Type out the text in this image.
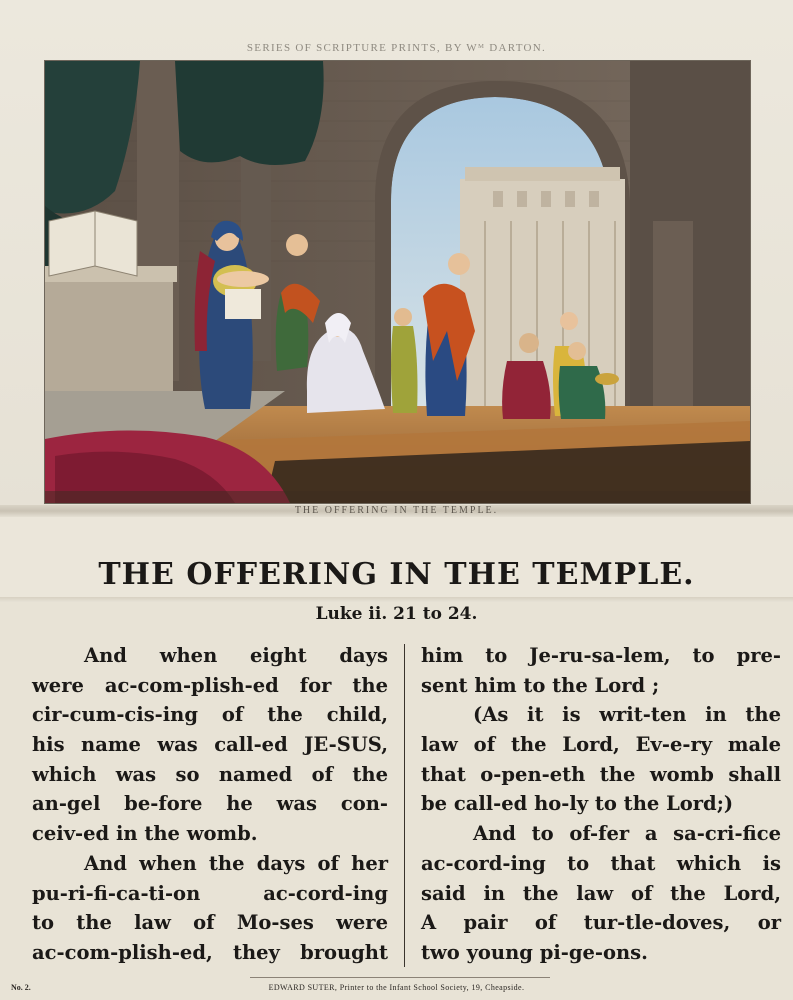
SERIES OF SCRIPTURE PRINTS, BY Wᴹ DARTON.
THE OFFERING IN THE TEMPLE.
Luke ii. 21 to 24.
And when eight days
were ac-com-plish-ed for the
cir-cum-cis-ing of the child,
his name was call-ed JE-SUS,
which was so named of the
an-gel be-fore he was con-
ceiv-ed in the womb.
And when the days of her
pu-ri-fi-ca-ti-on ac-cord-ing
to the law of Mo-ses were
ac-com-plish-ed, they brought
him to Je-ru-sa-lem, to pre-
sent him to the Lord ;
(As it is writ-ten in the
law of the Lord, Ev-e-ry male
that o-pen-eth the womb shall
be call-ed ho-ly to the Lord;)
And to of-fer a sa-cri-fice
ac-cord-ing to that which is
said in the law of the Lord,
A pair of tur-tle-doves, or
two young pi-ge-ons.
No. 2.	EDWARD SUTER, Printer to the Infant School Society, 19, Cheapside.
